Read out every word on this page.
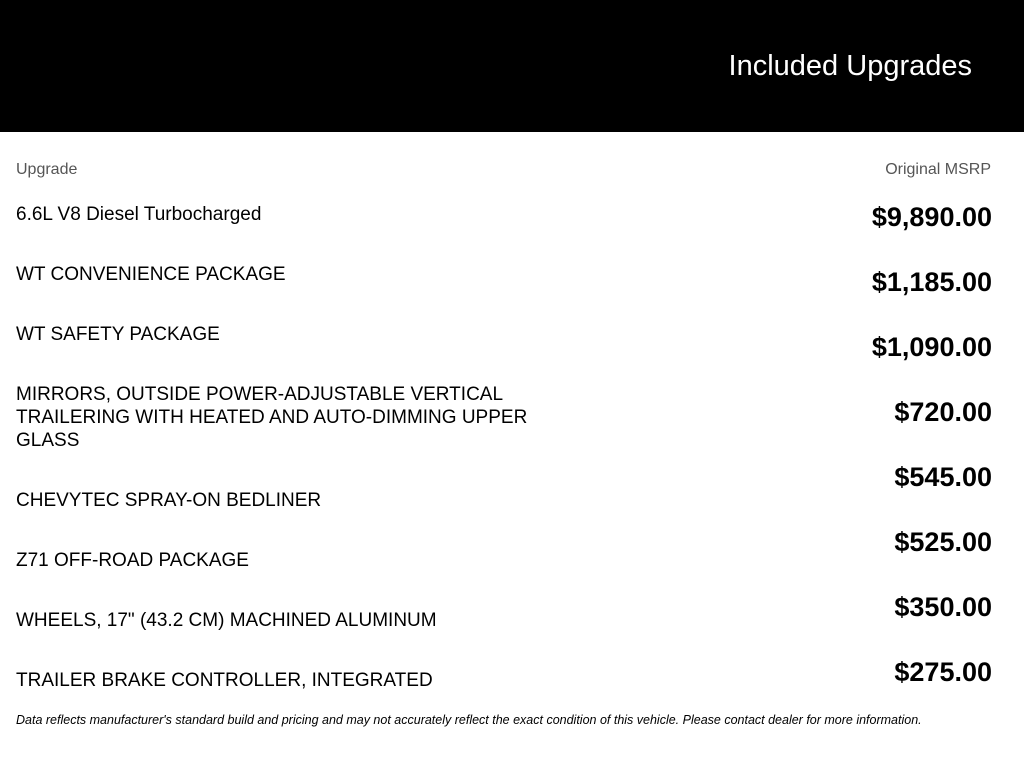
Included Upgrades
Upgrade	Original MSRP
6.6L V8 Diesel Turbocharged
WT CONVENIENCE PACKAGE
WT SAFETY PACKAGE
MIRRORS, OUTSIDE POWER-ADJUSTABLE VERTICAL TRAILERING WITH HEATED AND AUTO-DIMMING UPPER GLASS
CHEVYTEC SPRAY-ON BEDLINER
Z71 OFF-ROAD PACKAGE
WHEELS, 17" (43.2 CM) MACHINED ALUMINUM
TRAILER BRAKE CONTROLLER, INTEGRATED
$9,890.00
$1,185.00
$1,090.00
$720.00
$545.00
$525.00
$350.00
$275.00
Data reflects manufacturer's standard build and pricing and may not accurately reflect the exact condition of this vehicle. Please contact dealer for more information.
